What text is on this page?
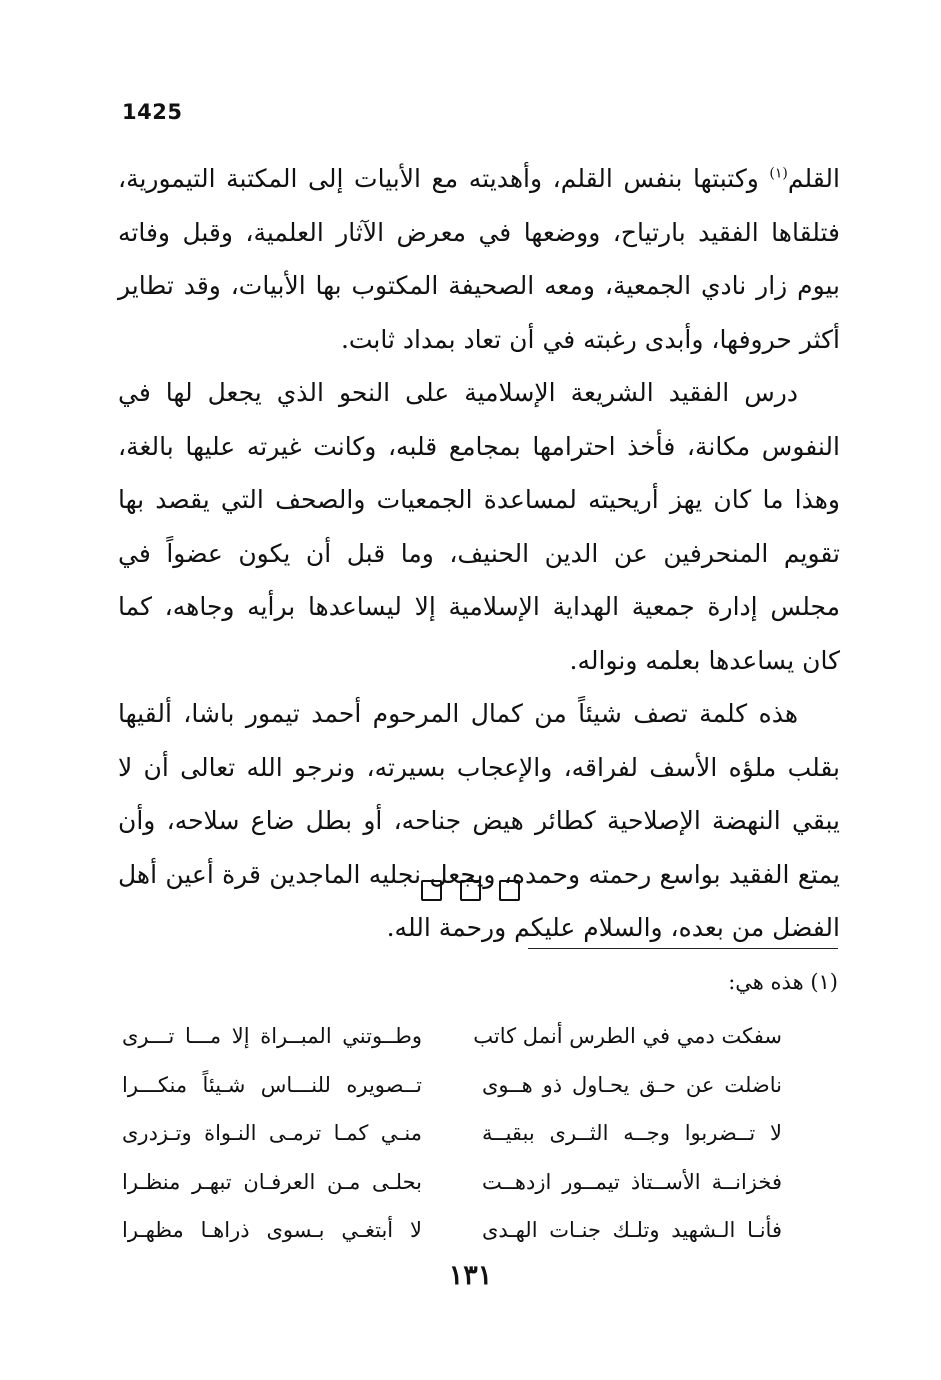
1425

القلم$^{(١)}$ وكتبتها بنفس القلم، وأهديته مع الأبيات إلى المكتبة التيمورية، فتلقاها الفقيد بارتياح، ووضعها في معرض الآثار العلمية، وقبل وفاته بيوم زار نادي الجمعية، ومعه الصحيفة المكتوب بها الأبيات، وقد تطاير أكثر حروفها، وأبدى رغبته في أن تعاد بمداد ثابت.

درس الفقيد الشريعة الإسلامية على النحو الذي يجعل لها في النفوس مكانة، فأخذ احترامها بمجامع قلبه، وكانت غيرته عليها بالغة، وهذا ما كان يهز أريحيته لمساعدة الجمعيات والصحف التي يقصد بها تقويم المنحرفين عن الدين الحنيف، وما قبل أن يكون عضواً في مجلس إدارة جمعية الهداية الإسلامية إلا ليساعدها برأيه وجاهه، كما كان يساعدها بعلمه ونواله.

هذه كلمة تصف شيئاً من كمال المرحوم أحمد تيمور باشا، ألقيها بقلب ملؤه الأسف لفراقه، والإعجاب بسيرته، ونرجو الله تعالى أن لا يبقي النهضة الإصلاحية كطائر هيض جناحه، أو بطل ضاع سلاحه، وأن يمتع الفقيد بواسع رحمته وحمده، ويجعل نجليه الماجدين قرة أعين أهل الفضل من بعده، والسلام عليكم ورحمة الله.

(١) هذه هي:
سفكت دمي في الطرس أنمل كاتب
وطــوتني المبــراة إلا مـــا تـــرى
ناضلت عن حـق يحـاول ذو هــوى
تــصويره للنـــاس شـيئاً منكـــرا
لا تــضربوا وجــه الثــرى ببقيــة
منـي كمـا ترمـى النـواة وتـزدرى
فخزانــة الأســتاذ تيمــور ازدهــت
بحلـى مـن العرفـان تبهـر منظـرا
فأنـا الـشهيد وتلـك جنـات الهـدى
لا أبتغـي بـسوى ذراهـا مظهـرا
١٣١
